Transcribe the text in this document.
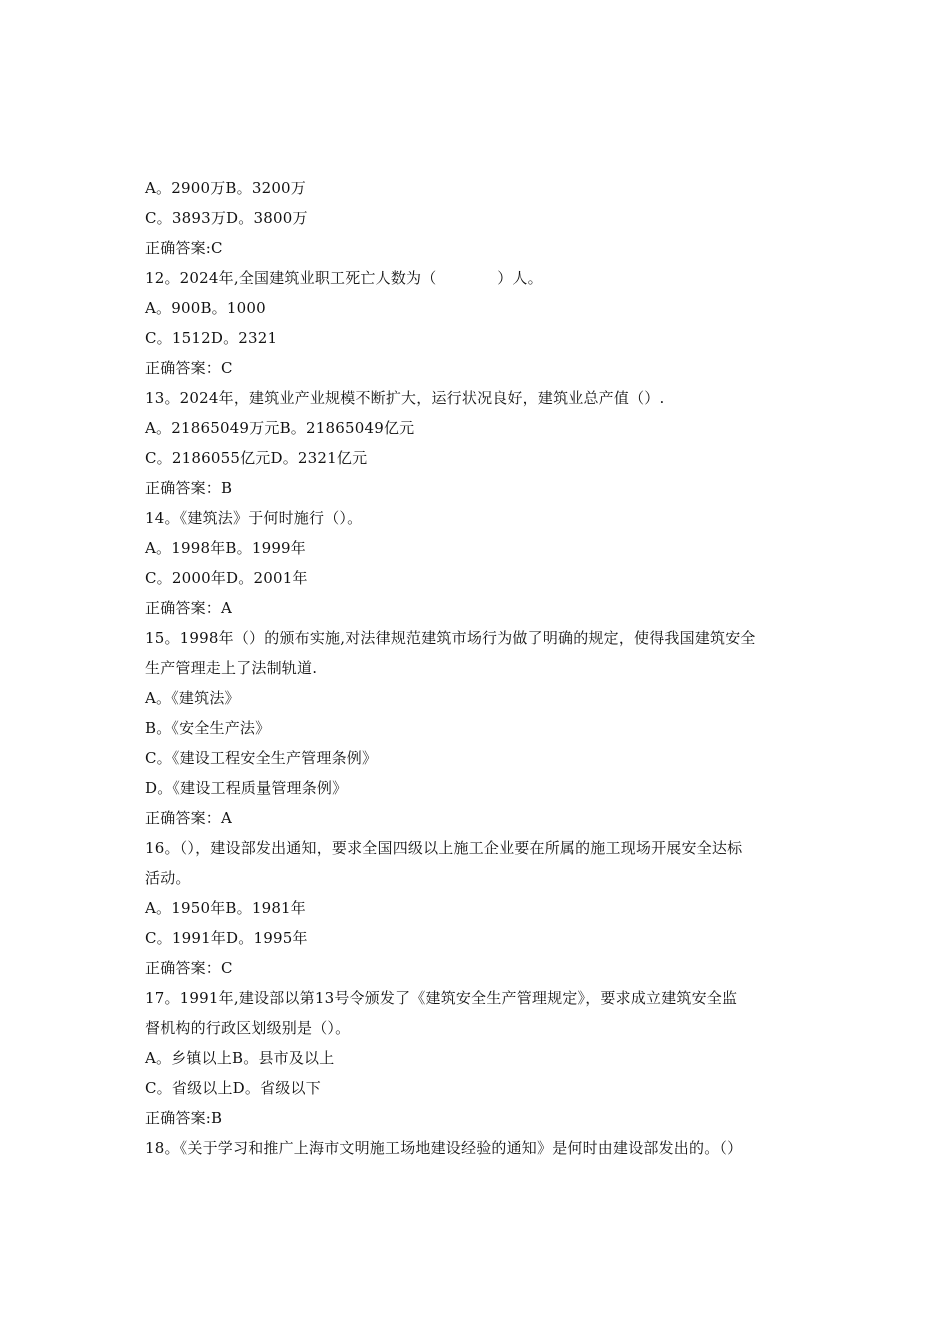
A。2900万B。3200万
C。3893万D。3800万
正确答案:C
12。2024年,全国建筑业职工死亡人数为（　　　　）人。
A。900B。1000
C。1512D。2321
正确答案：C
13。2024年，建筑业产业规模不断扩大，运行状况良好，建筑业总产值（）.
A。21865049万元B。21865049亿元
C。2186055亿元D。2321亿元
正确答案：B
14。《建筑法》于何时施行（）。
A。1998年B。1999年
C。2000年D。2001年
正确答案：A
15。1998年（）的颁布实施,对法律规范建筑市场行为做了明确的规定，使得我国建筑安全
生产管理走上了法制轨道.
A。《建筑法》
B。《安全生产法》
C。《建设工程安全生产管理条例》
D。《建设工程质量管理条例》
正确答案：A
16。（），建设部发出通知，要求全国四级以上施工企业要在所属的施工现场开展安全达标
活动。
A。1950年B。1981年
C。1991年D。1995年
正确答案：C
17。1991年,建设部以第13号令颁发了《建筑安全生产管理规定》，要求成立建筑安全监
督机构的行政区划级别是（）。
A。乡镇以上B。县市及以上
C。省级以上D。省级以下
正确答案:B
18。《关于学习和推广上海市文明施工场地建设经验的通知》是何时由建设部发出的。（）
